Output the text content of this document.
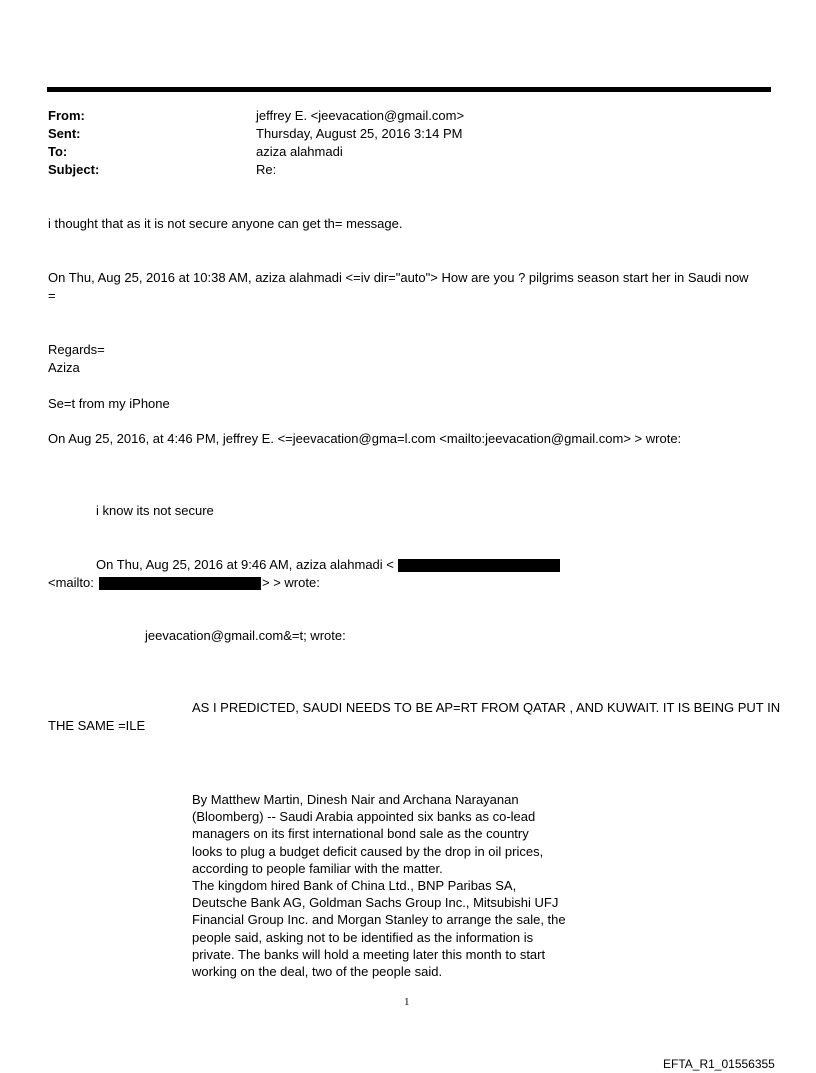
From:	jeffrey E. <jeevacation@gmail.com>
Sent:	Thursday, August 25, 2016 3:14 PM
To:	aziza alahmadi
Subject:	Re:
i thought that as it is not secure anyone can get th= message.
On Thu, Aug 25, 2016 at 10:38 AM, aziza alahmadi <=iv dir="auto"> How are you ? pilgrims season start her in Saudi now
=
Regards=
Aziza
Se=t from my iPhone
On Aug 25, 2016, at 4:46 PM, jeffrey E. <=jeevacation@gma=l.com <mailto:jeevacation@gmail.com> > wrote:
i know its not secure
On Thu, Aug 25, 2016 at 9:46 AM, aziza alahmadi <
<mailto:	> > wrote:
jeevacation@gmail.com&=t; wrote:
AS I PREDICTED, SAUDI NEEDS TO BE AP=RT FROM QATAR , AND KUWAIT. IT IS BEING PUT IN
THE SAME =ILE

By Matthew Martin, Dinesh Nair and Archana Narayanan

(Bloomberg) -- Saudi Arabia appointed six banks as co-lead

managers on its first international bond sale as the country

looks to plug a budget deficit caused by the drop in oil prices,

according to people familiar with the matter.

The kingdom hired Bank of China Ltd., BNP Paribas SA,

Deutsche Bank AG, Goldman Sachs Group Inc., Mitsubishi UFJ

Financial Group Inc. and Morgan Stanley to arrange the sale, the

people said, asking not to be identified as the information is

private. The banks will hold a meeting later this month to start

working on the deal, two of the people said.

1
EFTA_R1_01556355
